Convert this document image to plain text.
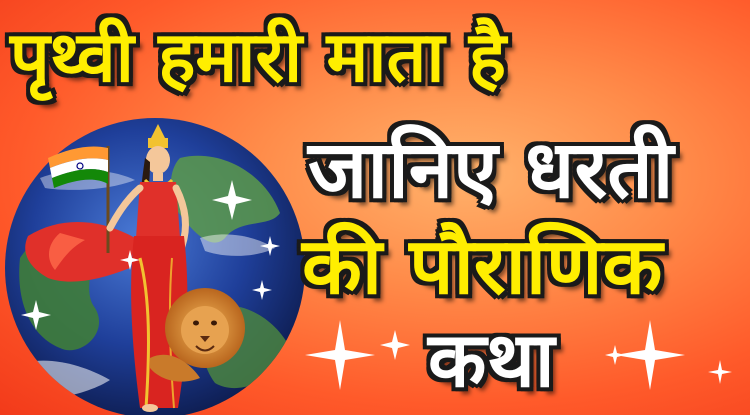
पृथ्वी हमारी माता है
जानिए धरती
की पौराणिक
कथा
